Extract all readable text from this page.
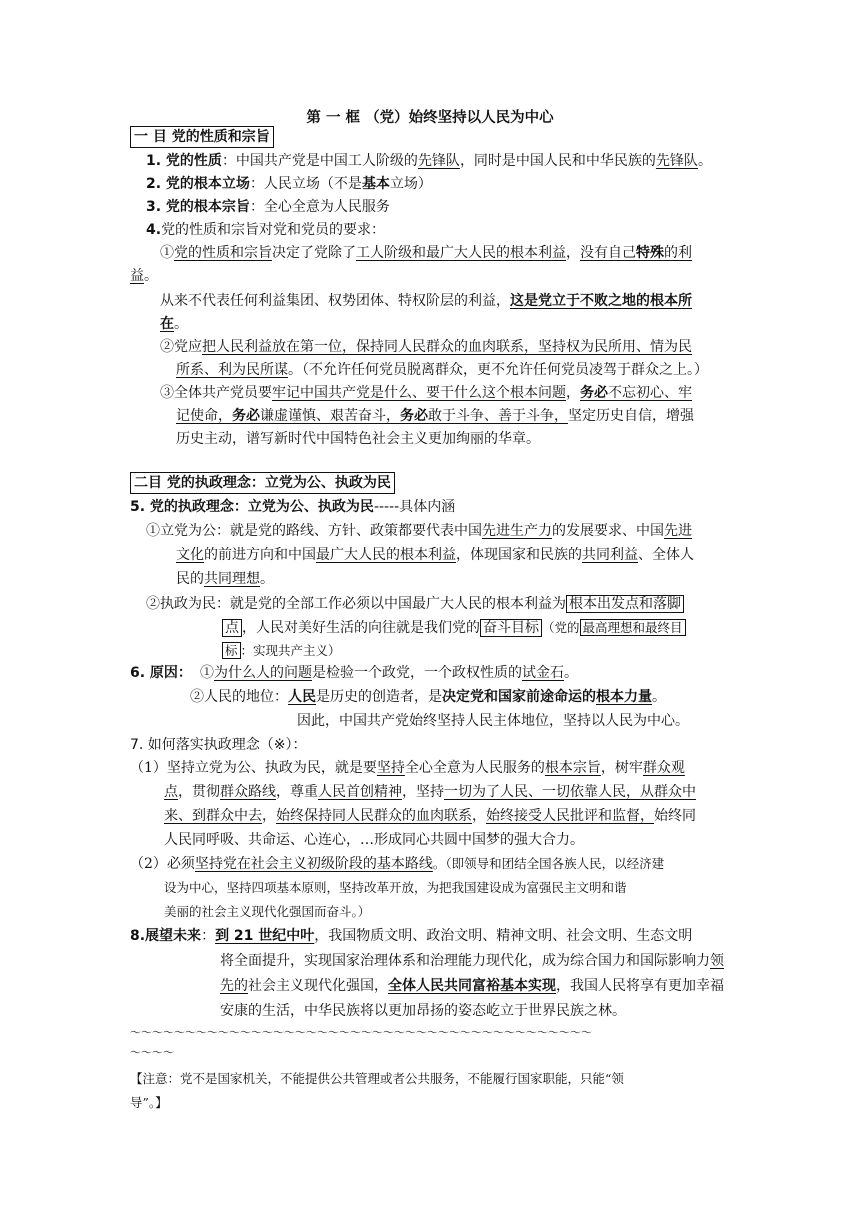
第 一 框 （党）始终坚持以人民为中心
一 目 党的性质和宗旨
1. 党的性质：中国共产党是中国工人阶级的先锋队，同时是中国人民和中华民族的先锋队。
2. 党的根本立场：人民立场（不是基本立场）
3. 党的根本宗旨：全心全意为人民服务
4.党的性质和宗旨对党和党员的要求：
①党的性质和宗旨决定了党除了工人阶级和最广大人民的根本利益，没有自己特殊的利
益。
从来不代表任何利益集团、权势团体、特权阶层的利益，这是党立于不败之地的根本所
在。
②党应把人民利益放在第一位，保持同人民群众的血肉联系，坚持权为民所用、情为民
所系、利为民所谋。（不允许任何党员脱离群众，更不允许任何党员凌驾于群众之上。）
③全体共产党员要牢记中国共产党是什么、要干什么这个根本问题，务必不忘初心、牢
记使命，务必谦虚谨慎、艰苦奋斗，务必敢于斗争、善于斗争，坚定历史自信，增强
历史主动，谱写新时代中国特色社会主义更加绚丽的华章。
二目 党的执政理念：立党为公、执政为民
5. 党的执政理念：立党为公、执政为民-----具体内涵
①立党为公：就是党的路线、方针、政策都要代表中国先进生产力的发展要求、中国先进
文化的前进方向和中国最广大人民的根本利益，体现国家和民族的共同利益、全体人
民的共同理想。
②执政为民：就是党的全部工作必须以中国最广大人民的根本利益为 根本出发点和落脚
点 ，人民对美好生活的向往就是我们党的 奋斗目标 （党的 最高理想和最终目
标 ：实现共产主义）
6. 原因： ①为什么人的问题是检验一个政党，一个政权性质的试金石。
②人民的地位：人民是历史的创造者，是决定党和国家前途命运的根本力量。
因此，中国共产党始终坚持人民主体地位，坚持以人民为中心。
7. 如何落实执政理念（※）：
（1）坚持立党为公、执政为民，就是要坚持全心全意为人民服务的根本宗旨，树牢群众观
点，贯彻群众路线，尊重人民首创精神，坚持一切为了人民、一切依靠人民，从群众中
来、到群众中去，始终保持同人民群众的血肉联系，始终接受人民批评和监督，始终同
人民同呼吸、共命运、心连心，…形成同心共圆中国梦的强大合力。
（2）必须坚持党在社会主义初级阶段的基本路线。（即领导和团结全国各族人民，以经济建
设为中心，坚持四项基本原则，坚持改革开放，为把我国建设成为富强民主文明和谐
美丽的社会主义现代化强国而奋斗。）
8.展望未来：到 21 世纪中叶，我国物质文明、政治文明、精神文明、社会文明、生态文明
将全面提升，实现国家治理体系和治理能力现代化，成为综合国力和国际影响力领
先的社会主义现代化强国，全体人民共同富裕基本实现，我国人民将享有更加幸福
安康的生活，中华民族将以更加昂扬的姿态屹立于世界民族之林。
～～～～～～～～～～～～～～～～～～～～～～～～～～～～～～～～～～～～～～～～～～
～～～～
【注意：党不是国家机关，不能提供公共管理或者公共服务，不能履行国家职能，只能“领
导”。】
